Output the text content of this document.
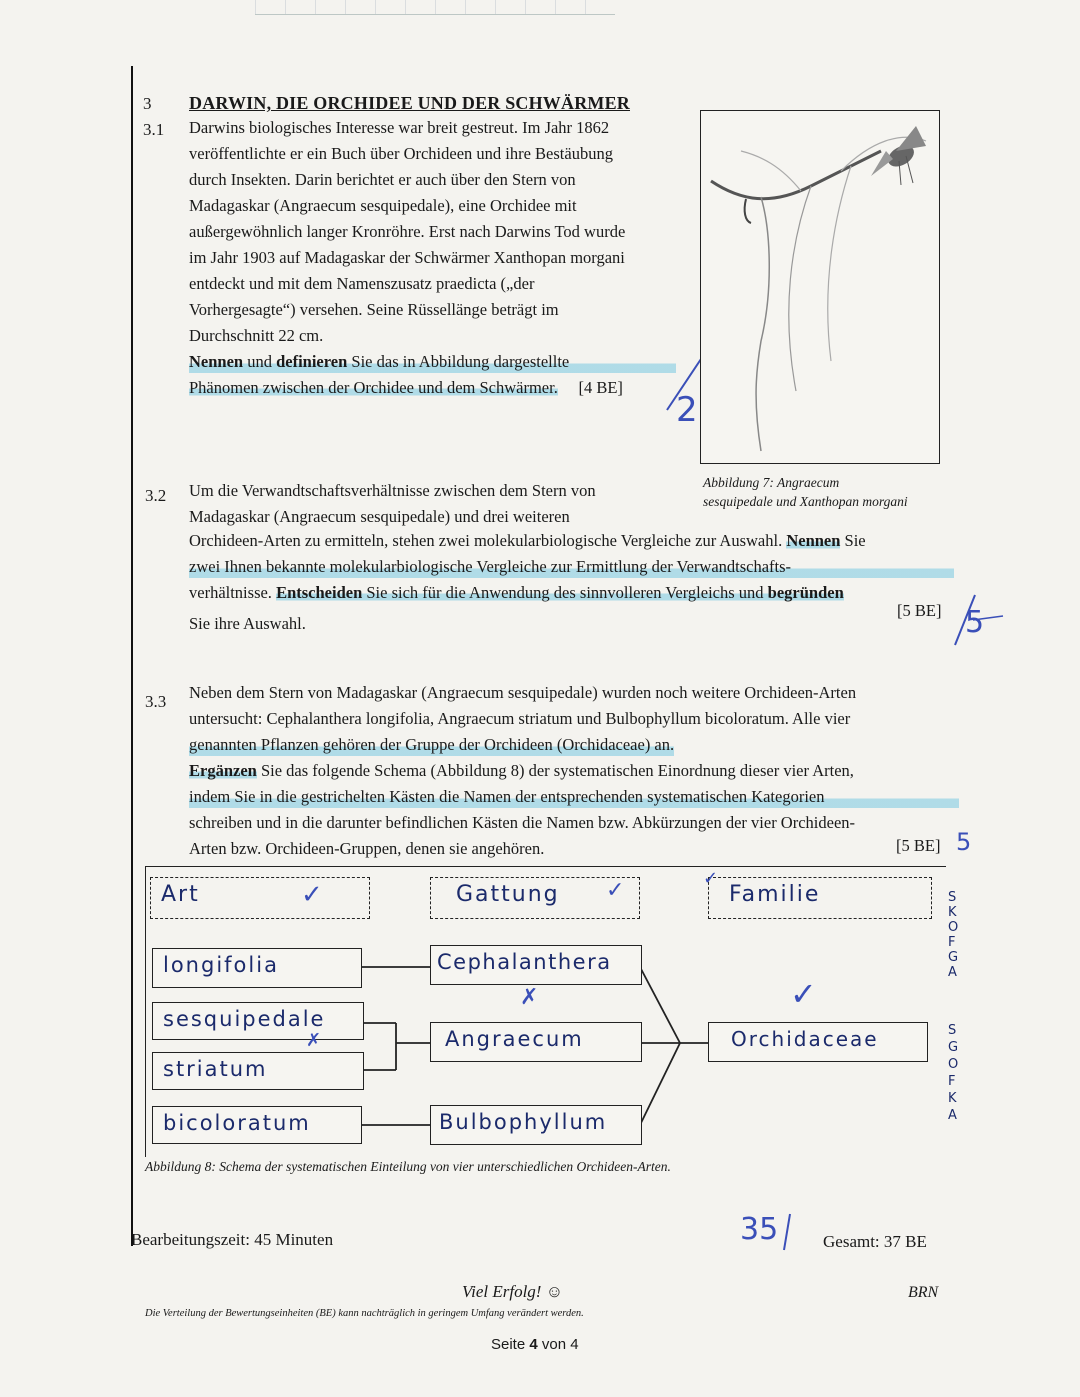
3 DARWIN, DIE ORCHIDEE UND DER SCHWÄRMER
3.1 Darwins biologisches Interesse war breit gestreut. Im Jahr 1862
veröffentlichte er ein Buch über Orchideen und ihre Bestäubung
durch Insekten. Darin berichtet er auch über den Stern von
Madagaskar (Angraecum sesquipedale), eine Orchidee mit
außergewöhnlich langer Kronröhre. Erst nach Darwins Tod wurde
im Jahr 1903 auf Madagaskar der Schwärmer Xanthopan morgani
entdeckt und mit dem Namenszusatz praedicta („der
Vorhergesagte“) versehen. Seine Rüssellänge beträgt im
Durchschnitt 22 cm.
Nennen und definieren Sie das in Abbildung dargestellte
Phänomen zwischen der Orchidee und dem Schwärmer. [4 BE]
2
Abbildung 7: Angraecum
sesquipedale und Xanthopan morgani
3.2 Um die Verwandtschaftsverhältnisse zwischen dem Stern von
Madagaskar (Angraecum sesquipedale) und drei weiteren
Orchideen-Arten zu ermitteln, stehen zwei molekularbiologische Vergleiche zur Auswahl. Nennen Sie
zwei Ihnen bekannte molekularbiologische Vergleiche zur Ermittlung der Verwandtschafts-
verhältnisse. Entscheiden Sie sich für die Anwendung des sinnvolleren Vergleichs und begründen
Sie ihre Auswahl.
[5 BE] 5
3.3 Neben dem Stern von Madagaskar (Angraecum sesquipedale) wurden noch weitere Orchideen-Arten
untersucht: Cephalanthera longifolia, Angraecum striatum und Bulbophyllum bicoloratum. Alle vier
genannten Pflanzen gehören der Gruppe der Orchideen (Orchidaceae) an.
Ergänzen Sie das folgende Schema (Abbildung 8) der systematischen Einordnung dieser vier Arten,
indem Sie in die gestrichelten Kästen die Namen der entsprechenden systematischen Kategorien
schreiben und in die darunter befindlichen Kästen die Namen bzw. Abkürzungen der vier Orchideen-
Arten bzw. Orchideen-Gruppen, denen sie angehören.	[5 BE] 5
Art	✓	Gattung ✓	Familie
✓
longifolia
sesquipedale
striatum
bicoloratum
Cephalanthera
Angraecum
Bulbophyllum
Orchidaceae
✓
✗
✗
SKOFGA
SGOFKA
Abbildung 8: Schema der systematischen Einteilung von vier unterschiedlichen Orchideen-Arten.
Bearbeitungszeit: 45 Minuten	35	Gesamt: 37 BE
Viel Erfolg! ☺	BRN
Die Verteilung der Bewertungseinheiten (BE) kann nachträglich in geringem Umfang verändert werden.
Seite 4 von 4
